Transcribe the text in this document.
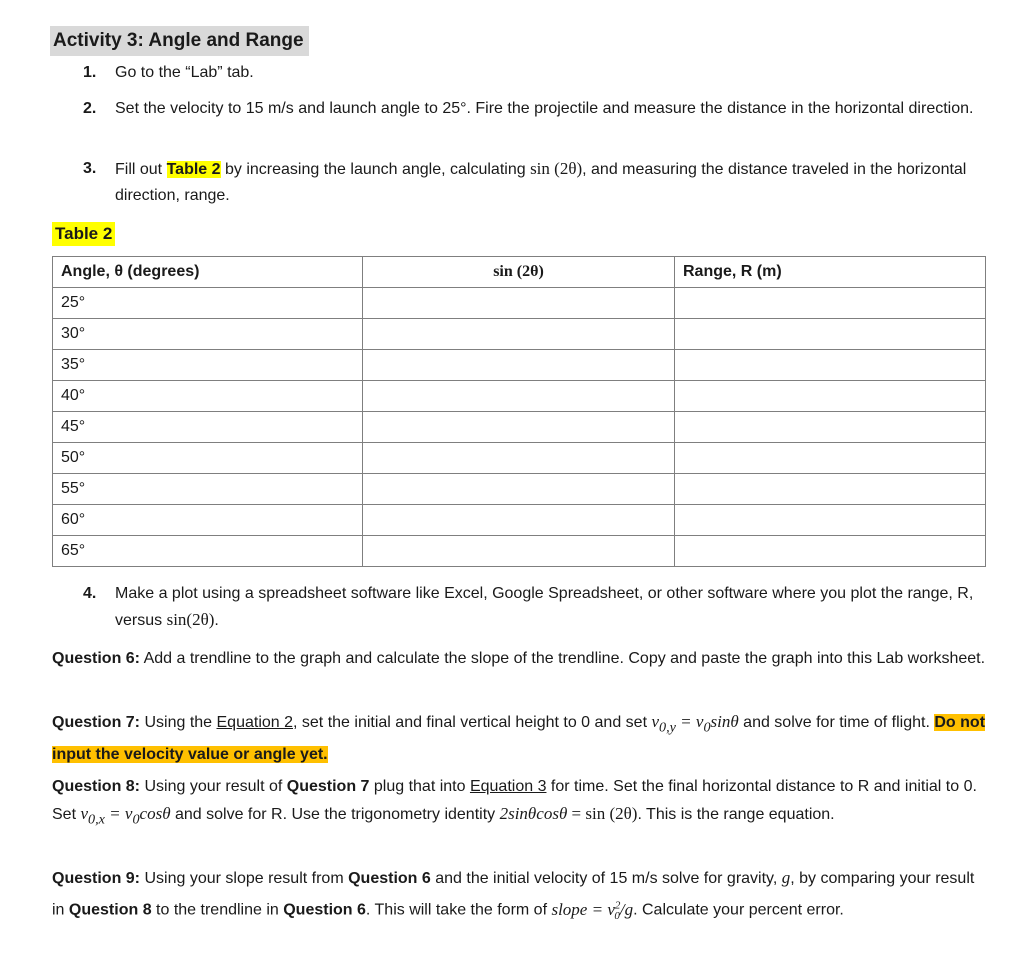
Activity 3: Angle and Range
1. Go to the “Lab” tab.
2. Set the velocity to 15 m/s and launch angle to 25°. Fire the projectile and measure the distance in the horizontal direction.
3. Fill out Table 2 by increasing the launch angle, calculating sin (2θ), and measuring the distance traveled in the horizontal direction, range.
Table 2
Angle, θ (degrees)	sin (2θ)	Range, R (m)
25°		
30°		
35°		
40°		
45°		
50°		
55°		
60°		
65°		
4. Make a plot using a spreadsheet software like Excel, Google Spreadsheet, or other software where you plot the range, R, versus sin(2θ).
Question 6: Add a trendline to the graph and calculate the slope of the trendline. Copy and paste the graph into this Lab worksheet.
Question 7: Using the Equation 2, set the initial and final vertical height to 0 and set $v_{0,y} = v_0\sin\theta$ and solve for time of flight. Do not input the velocity value or angle yet.
Question 8: Using your result of Question 7 plug that into Equation 3 for time. Set the final horizontal distance to R and initial to 0. Set $v_{0,x} = v_0\cos\theta$ and solve for R. Use the trigonometry identity 2sinθcosθ = sin (2θ). This is the range equation.
Question 9: Using your slope result from Question 6 and the initial velocity of 15 m/s solve for gravity, g, by comparing your result in Question 8 to the trendline in Question 6. This will take the form of slope = $v^2_0/g$. Calculate your percent error.
